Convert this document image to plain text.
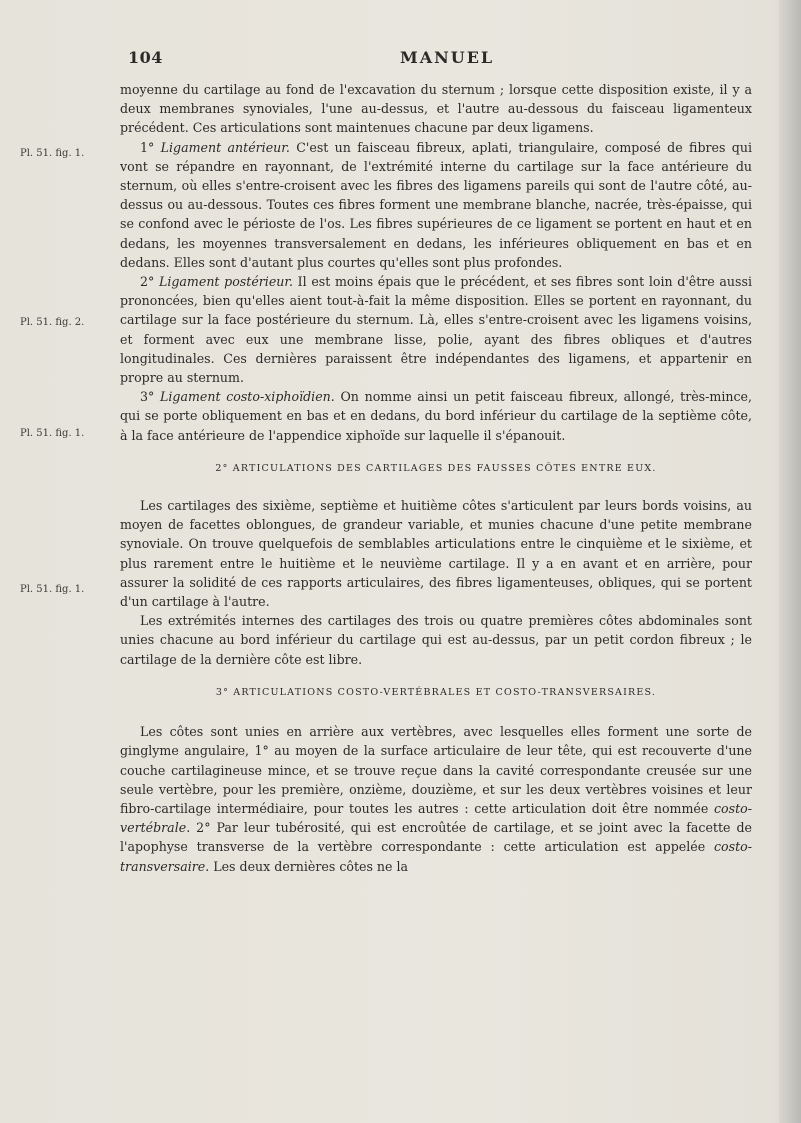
104	MANUEL
Pl. 51. fig. 1.
Pl. 51. fig. 2.
Pl. 51. fig. 1.
Pl. 51. fig. 1.

moyenne du cartilage au fond de l'excavation du sternum ; lorsque cette disposition existe, il y a deux membranes synoviales, l'une au-dessus, et l'autre au-dessous du faisceau ligamenteux précédent. Ces articulations sont maintenues chacune par deux ligamens.

1° Ligament antérieur. C'est un faisceau fibreux, aplati, triangulaire, composé de fibres qui vont se répandre en rayonnant, de l'extrémité interne du cartilage sur la face antérieure du sternum, où elles s'entre-croisent avec les fibres des ligamens pareils qui sont de l'autre côté, au-dessus ou au-dessous. Toutes ces fibres forment une membrane blanche, nacrée, très-épaisse, qui se confond avec le périoste de l'os. Les fibres supérieures de ce ligament se portent en haut et en dedans, les moyennes transversalement en dedans, les inférieures obliquement en bas et en dedans. Elles sont d'autant plus courtes qu'elles sont plus profondes.

2° Ligament postérieur. Il est moins épais que le précédent, et ses fibres sont loin d'être aussi prononcées, bien qu'elles aient tout-à-fait la même disposition. Elles se portent en rayonnant, du cartilage sur la face postérieure du sternum. Là, elles s'entre-croisent avec les ligamens voisins, et forment avec eux une membrane lisse, polie, ayant des fibres obliques et d'autres longitudinales. Ces dernières paraissent être indépendantes des ligamens, et appartenir en propre au sternum.

3° Ligament costo-xiphoïdien. On nomme ainsi un petit faisceau fibreux, allongé, très-mince, qui se porte obliquement en bas et en dedans, du bord inférieur du cartilage de la septième côte, à la face antérieure de l'appendice xiphoïde sur laquelle il s'épanouit.

2° ARTICULATIONS DES CARTILAGES DES FAUSSES CÔTES ENTRE EUX.

Les cartilages des sixième, septième et huitième côtes s'articulent par leurs bords voisins, au moyen de facettes oblongues, de grandeur variable, et munies chacune d'une petite membrane synoviale. On trouve quelquefois de semblables articulations entre le cinquième et le sixième, et plus rarement entre le huitième et le neuvième cartilage. Il y a en avant et en arrière, pour assurer la solidité de ces rapports articulaires, des fibres ligamenteuses, obliques, qui se portent d'un cartilage à l'autre.

Les extrémités internes des cartilages des trois ou quatre premières côtes abdominales sont unies chacune au bord inférieur du cartilage qui est au-dessus, par un petit cordon fibreux ; le cartilage de la dernière côte est libre.

3° ARTICULATIONS COSTO-VERTÉBRALES ET COSTO-TRANSVERSAIRES.

Les côtes sont unies en arrière aux vertèbres, avec lesquelles elles forment une sorte de ginglyme angulaire, 1° au moyen de la surface articulaire de leur tête, qui est recouverte d'une couche cartilagineuse mince, et se trouve reçue dans la cavité correspondante creusée sur une seule vertèbre, pour les première, onzième, douzième, et sur les deux vertèbres voisines et leur fibro-cartilage intermédiaire, pour toutes les autres : cette articulation doit être nommée costo-vertébrale. 2° Par leur tubérosité, qui est encroûtée de cartilage, et se joint avec la facette de l'apophyse transverse de la vertèbre correspondante : cette articulation est appelée costo-transversaire. Les deux dernières côtes ne la
